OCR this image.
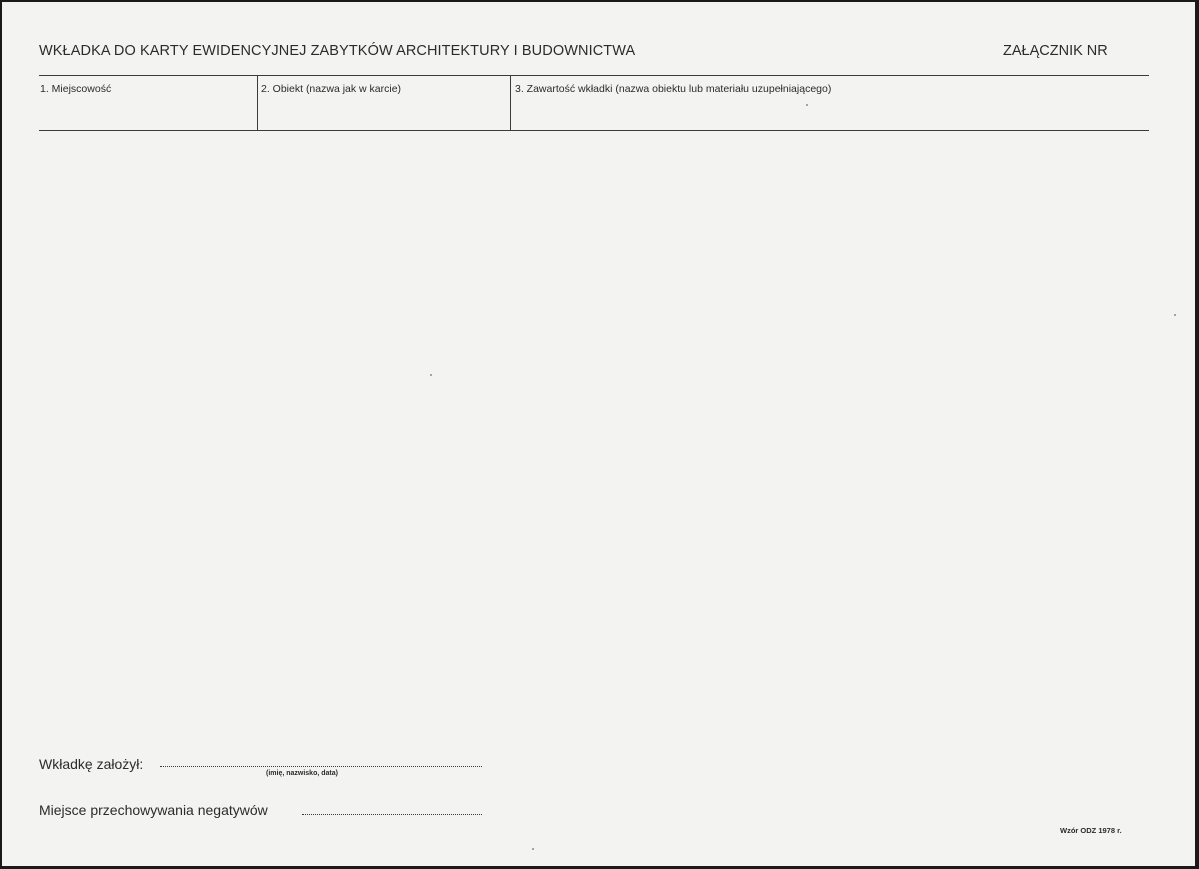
WKŁADKA DO KARTY EWIDENCYJNEJ ZABYTKÓW ARCHITEKTURY I BUDOWNICTWA	ZAŁĄCZNIK NR
1. Miejscowość	2. Obiekt (nazwa jak w karcie)	3. Zawartość wkładki (nazwa obiektu lub materiału uzupełniającego)
Wkładkę założył:
(imię, nazwisko, data)
Miejsce przechowywania negatywów
Wzór ODZ 1978 r.
